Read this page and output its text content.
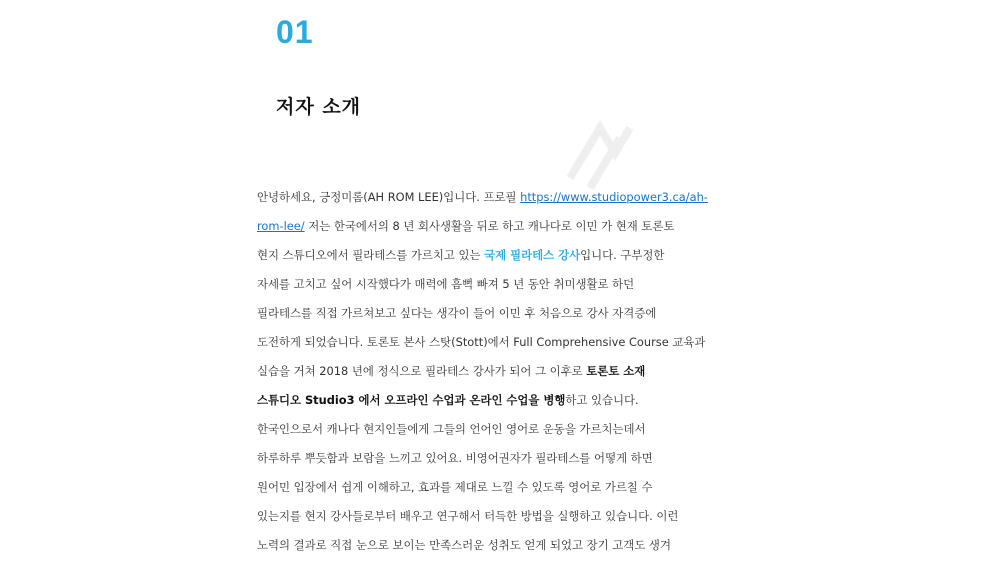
01
저자 소개
안녕하세요, 긍정미롬(AH ROM LEE)입니다. 프로필 https://www.studiopower3.ca/ah-
rom-lee/ 저는 한국에서의 8 년 회사생활을 뒤로 하고 캐나다로 이민 가 현재 토론토
현지 스튜디오에서 필라테스를 가르치고 있는 국제 필라테스 강사입니다. 구부정한
자세를 고치고 싶어 시작했다가 매력에 흠뻑 빠져 5 년 동안 취미생활로 하던
필라테스를 직접 가르쳐보고 싶다는 생각이 들어 이민 후 처음으로 강사 자격증에
도전하게 되었습니다. 토론토 본사 스탓(Stott)에서 Full Comprehensive Course 교육과
실습을 거쳐 2018 년에 정식으로 필라테스 강사가 되어 그 이후로 토론토 소재
스튜디오 Studio3 에서 오프라인 수업과 온라인 수업을 병행하고 있습니다.
한국인으로서 캐나다 현지인들에게 그들의 언어인 영어로 운동을 가르치는데서
하루하루 뿌듯함과 보람을 느끼고 있어요. 비영어권자가 필라테스를 어떻게 하면
원어민 입장에서 쉽게 이해하고, 효과를 제대로 느낄 수 있도록 영어로 가르칠 수
있는지를 현지 강사들로부터 배우고 연구해서 터득한 방법을 실행하고 있습니다. 이런
노력의 결과로 직접 눈으로 보이는 만족스러운 성취도 얻게 되었고 장기 고객도 생겨
